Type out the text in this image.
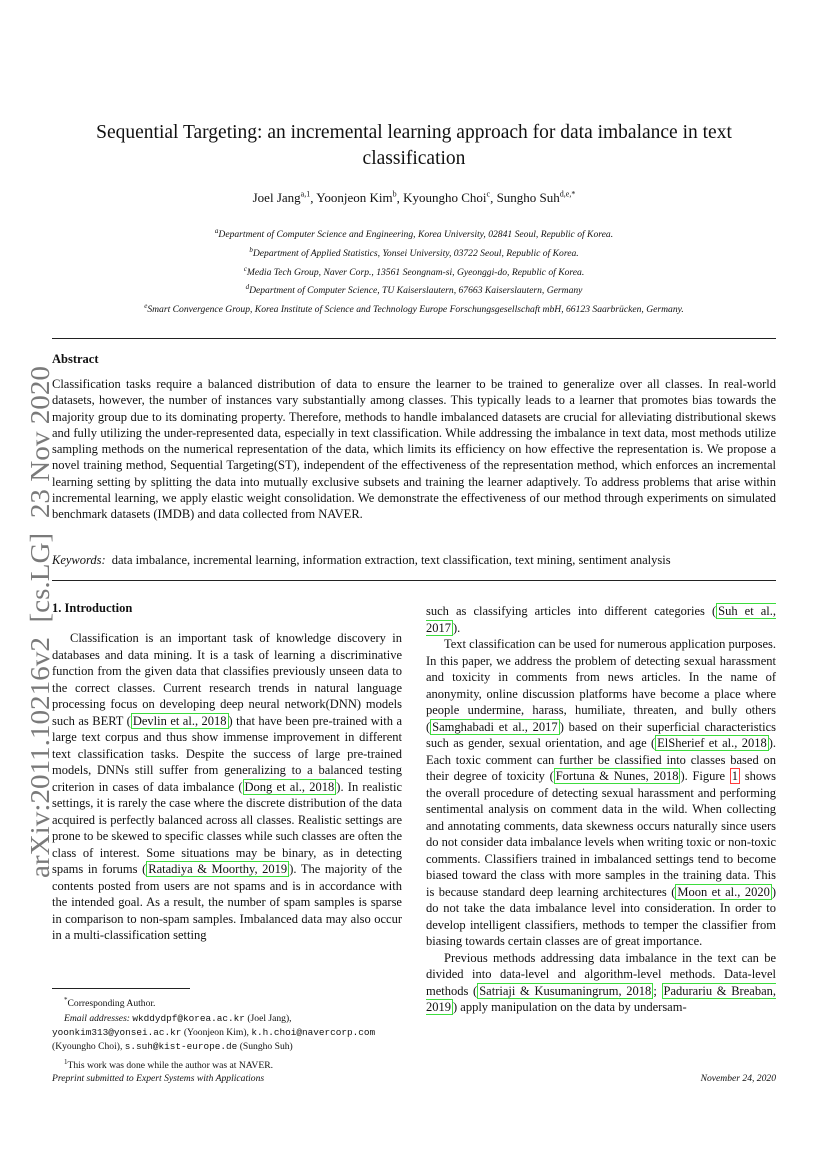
Sequential Targeting: an incremental learning approach for data imbalance in text classification
Joel Jang$^{a,1}$, Yoonjeon Kim$^b$, Kyoungho Choi$^c$, Sungho Suh$^{d,e,*}$
$^a$Department of Computer Science and Engineering, Korea University, 02841 Seoul, Republic of Korea.
$^b$Department of Applied Statistics, Yonsei University, 03722 Seoul, Republic of Korea.
$^c$Media Tech Group, Naver Corp., 13561 Seongnam-si, Gyeonggi-do, Republic of Korea.
$^d$Department of Computer Science, TU Kaiserslautern, 67663 Kaiserslautern, Germany
$^e$Smart Convergence Group, Korea Institute of Science and Technology Europe Forschungsgesellschaft mbH, 66123 Saarbrücken, Germany.
Abstract
Classification tasks require a balanced distribution of data to ensure the learner to be trained to generalize over all classes. In real-world datasets, however, the number of instances vary substantially among classes. This typically leads to a learner that promotes bias towards the majority group due to its dominating property. Therefore, methods to handle imbalanced datasets are crucial for alleviating distributional skews and fully utilizing the under-represented data, especially in text classification. While addressing the imbalance in text data, most methods utilize sampling methods on the numerical representation of the data, which limits its efficiency on how effective the representation is. We propose a novel training method, Sequential Targeting(ST), independent of the effectiveness of the representation method, which enforces an incremental learning setting by splitting the data into mutually exclusive subsets and training the learner adaptively. To address problems that arise within incremental learning, we apply elastic weight consolidation. We demonstrate the effectiveness of our method through experiments on simulated benchmark datasets (IMDB) and data collected from NAVER.
Keywords: data imbalance, incremental learning, information extraction, text classification, text mining, sentiment analysis
1. Introduction

Classification is an important task of knowledge discovery in databases and data mining. It is a task of learning a discriminative function from the given data that classifies previously unseen data to the correct classes. Current research trends in natural language processing focus on developing deep neural network(DNN) models such as BERT ( Devlin et al., 2018 ) that have been pre-trained with a large text corpus and thus show immense improvement in different text classification tasks. Despite the success of large pre-trained models, DNNs still suffer from generalizing to a balanced testing criterion in cases of data imbalance ( Dong et al., 2018 ). In realistic settings, it is rarely the case where the discrete distribution of the data acquired is perfectly balanced across all classes. Realistic settings are prone to be skewed to specific classes while such classes are often the class of interest. Some situations may be binary, as in detecting spams in forums ( Ratadiya & Moorthy, 2019 ). The majority of the contents posted from users are not spams and is in accordance with the intended goal. As a result, the number of spam samples is sparse in comparison to non-spam samples. Imbalanced data may also occur in a multi-classification setting

such as classifying articles into different categories ( Suh et al., 2017 ).

Text classification can be used for numerous application purposes. In this paper, we address the problem of detecting sexual harassment and toxicity in comments from news articles. In the name of anonymity, online discussion platforms have become a place where people undermine, harass, humiliate, threaten, and bully others ( Samghabadi et al., 2017 ) based on their superficial characteristics such as gender, sexual orientation, and age ( ElSherief et al., 2018 ). Each toxic comment can further be classified into classes based on their degree of toxicity ( Fortuna & Nunes, 2018 ). Figure 1 shows the overall procedure of detecting sexual harassment and performing sentimental analysis on comment data in the wild. When collecting and annotating comments, data skewness occurs naturally since users do not consider data imbalance levels when writing toxic or non-toxic comments. Classifiers trained in imbalanced settings tend to become biased toward the class with more samples in the training data. This is because standard deep learning architectures ( Moon et al., 2020 ) do not take the data imbalance level into consideration. In order to develop intelligent classifiers, methods to temper the classifier from biasing towards certain classes are of great importance.

Previous methods addressing data imbalance in the text can be divided into data-level and algorithm-level methods. Data-level methods ( Satriaji & Kusumaningrum, 2018 ; Padurariu & Breaban, 2019 ) apply manipulation on the data by undersam-

*Corresponding Author.
Email addresses: wkddydpf@korea.ac.kr (Joel Jang),
yoonkim313@yonsei.ac.kr (Yoonjeon Kim), k.h.choi@navercorp.com
(Kyoungho Choi), s.suh@kist-europe.de (Sungho Suh)
$^1$This work was done while the author was at NAVER.
Preprint submitted to Expert Systems with Applications	November 24, 2020
arXiv:2011.10216v2  [cs.LG]  23 Nov 2020
